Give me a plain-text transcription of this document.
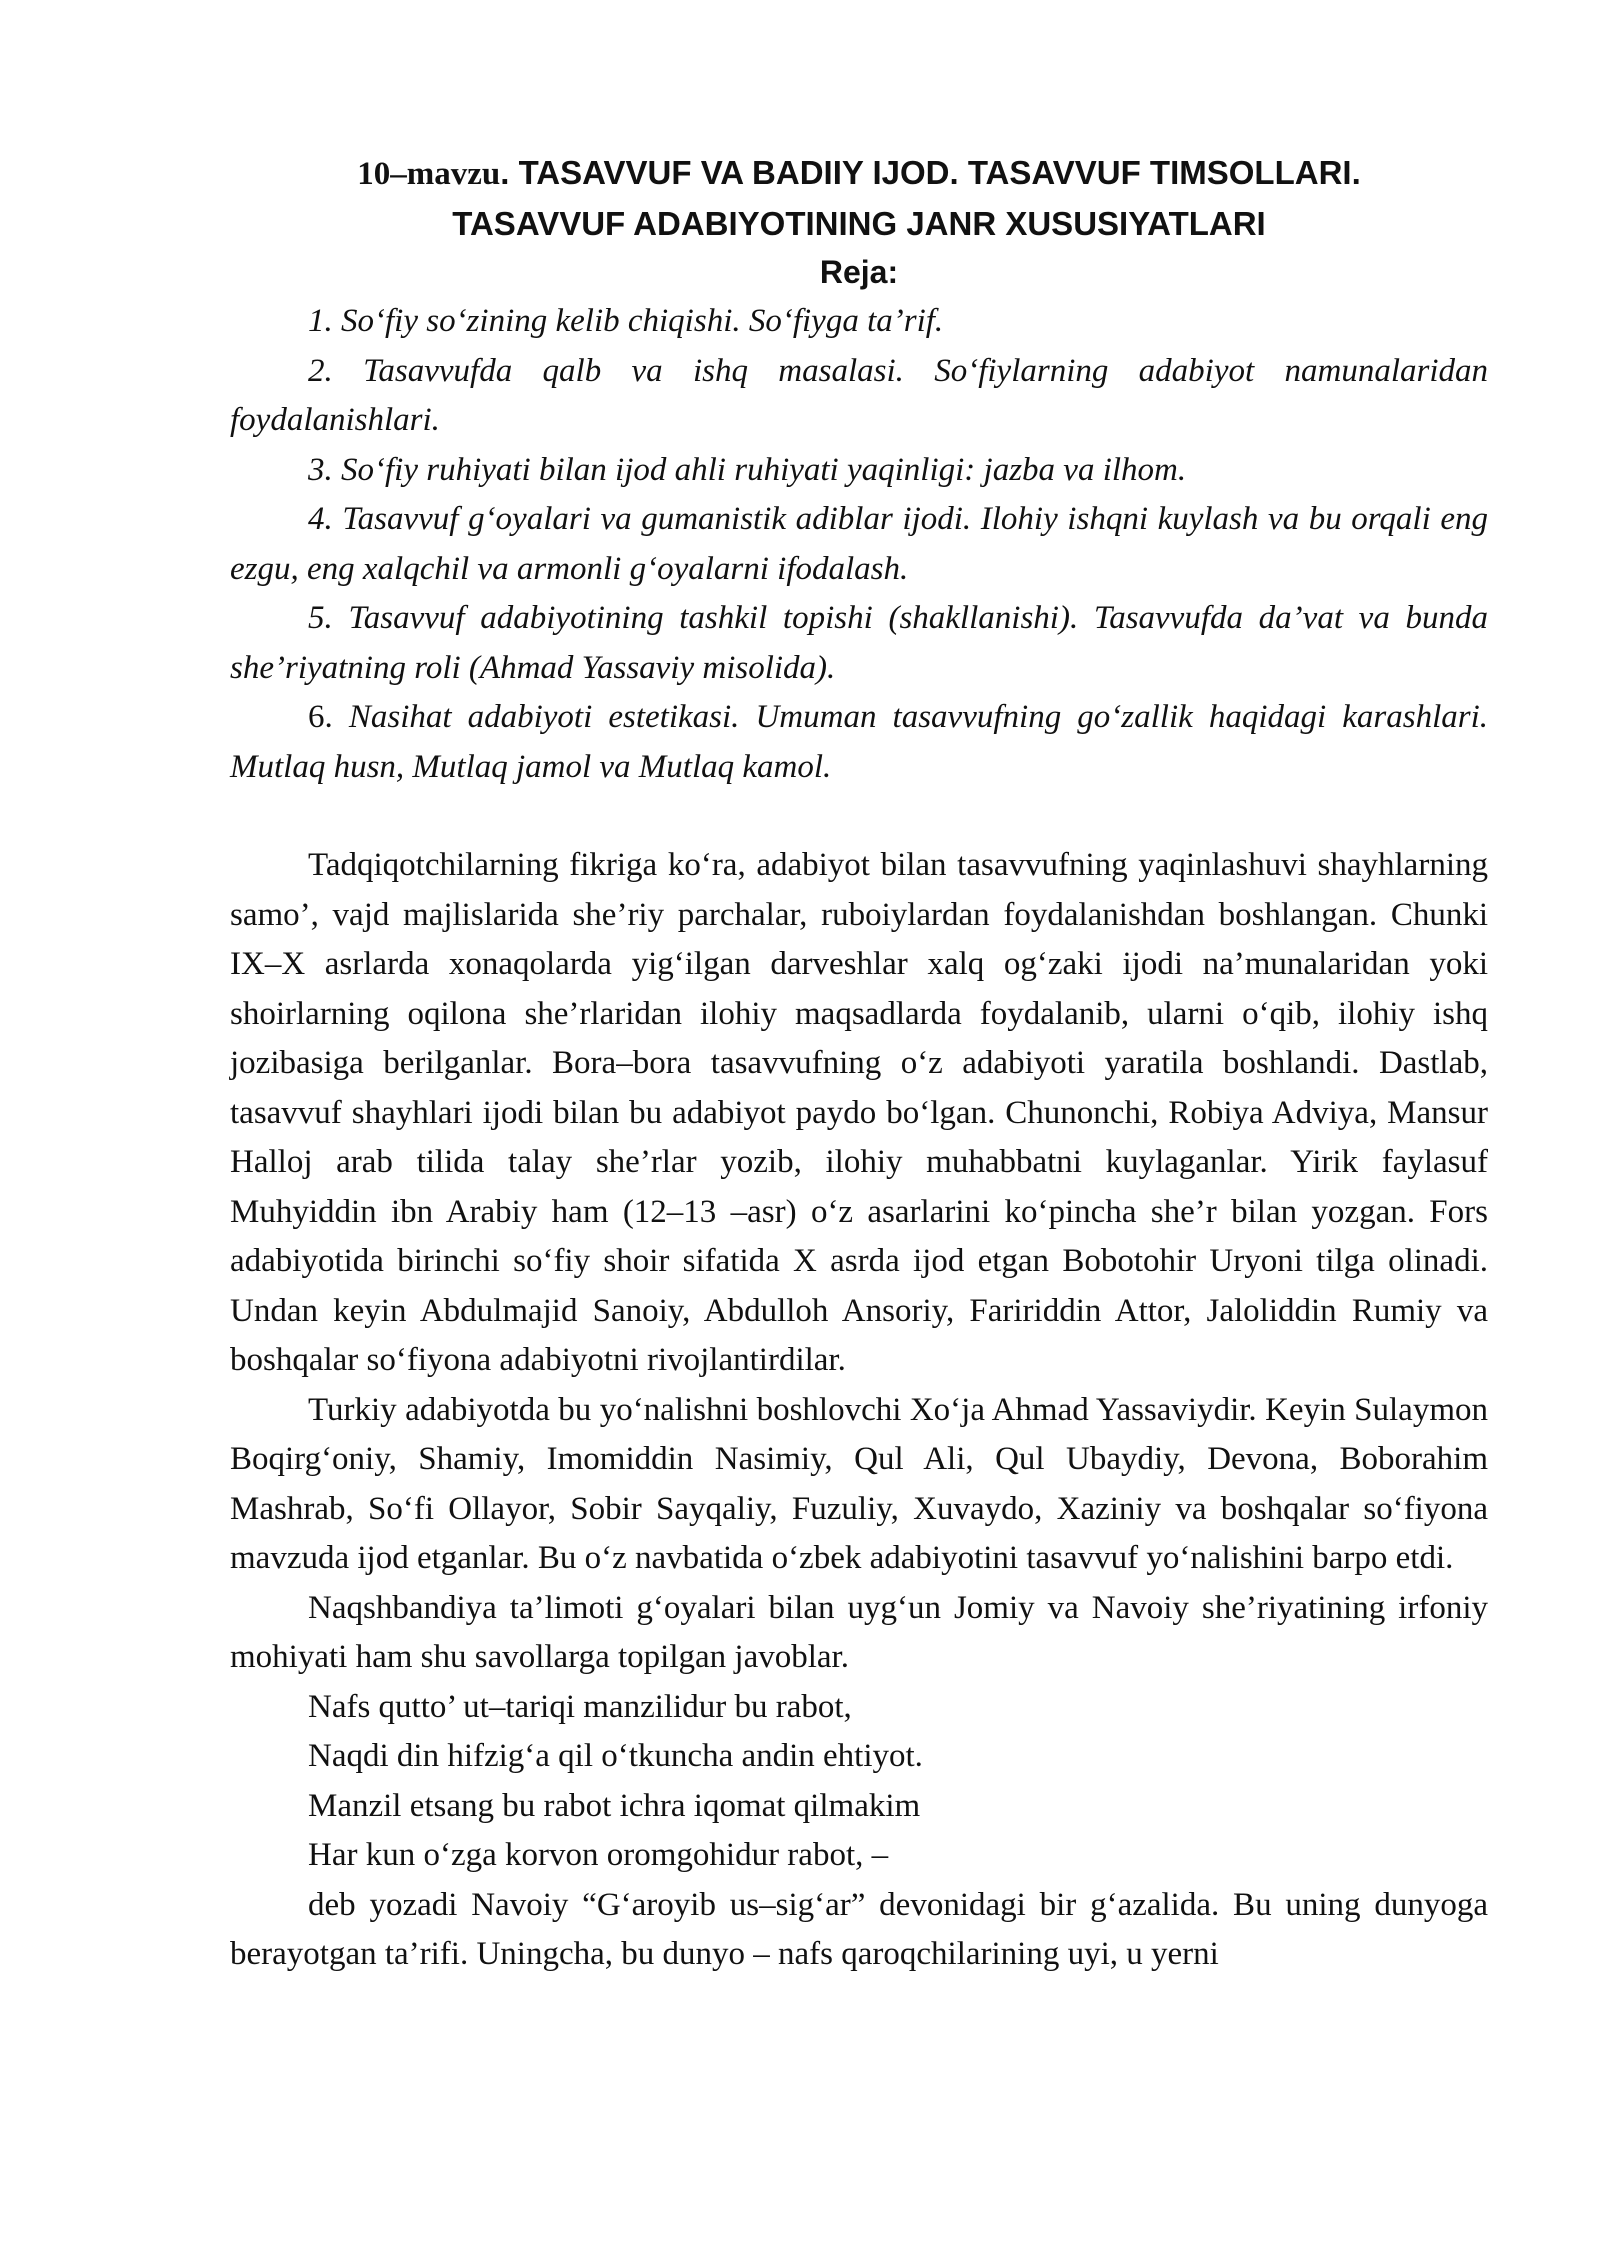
10–mavzu. TASAVVUF VA BADIIY IJOD. TASAVVUF TIMSOLLARI.
TASAVVUF ADABIYOTINING JANR XUSUSIYATLARI
Reja:

1. So‘fiy so‘zining kelib chiqishi. So‘fiyga ta’rif.

2. Tasavvufda qalb va ishq masalasi. So‘fiylarning adabiyot namunalaridan foydalanishlari.

3. So‘fiy ruhiyati bilan ijod ahli ruhiyati yaqinligi: jazba va ilhom.

4. Tasavvuf g‘oyalari va gumanistik adiblar ijodi. Ilohiy ishqni kuylash va bu orqali eng ezgu, eng xalqchil va armonli g‘oyalarni ifodalash.

5. Tasavvuf adabiyotining tashkil topishi (shakllanishi). Tasavvufda da’vat va bunda she’riyatning roli (Ahmad Yassaviy misolida).

6. Nasihat adabiyoti estetikasi. Umuman tasavvufning go‘zallik haqidagi karashlari. Mutlaq husn, Mutlaq jamol va Mutlaq kamol.

Tadqiqotchilarning fikriga ko‘ra, adabiyot bilan tasavvufning yaqinlashuvi shayhlarning samo’, vajd majlislarida she’riy parchalar, ruboiylardan foydalanishdan boshlangan. Chunki IX–X asrlarda xonaqolarda yig‘ilgan darveshlar xalq og‘zaki ijodi na’munalaridan yoki shoirlarning oqilona she’rlaridan ilohiy maqsadlarda foydalanib, ularni o‘qib, ilohiy ishq jozibasiga berilganlar. Bora–bora tasavvufning o‘z adabiyoti yaratila boshlandi. Dastlab, tasavvuf shayhlari ijodi bilan bu adabiyot paydo bo‘lgan. Chunonchi, Robiya Adviya, Mansur Halloj arab tilida talay she’rlar yozib, ilohiy muhabbatni kuylaganlar. Yirik faylasuf Muhyiddin ibn Arabiy ham (12–13 –asr) o‘z asarlarini ko‘pincha she’r bilan yozgan. Fors adabiyotida birinchi so‘fiy shoir sifatida X asrda ijod etgan Bobotohir Uryoni tilga olinadi. Undan keyin Abdulmajid Sanoiy, Abdulloh Ansoriy, Faririddin Attor, Jaloliddin Rumiy va boshqalar so‘fiyona adabiyotni rivojlantirdilar.

Turkiy adabiyotda bu yo‘nalishni boshlovchi Xo‘ja Ahmad Yassaviydir. Keyin Sulaymon Boqirg‘oniy, Shamiy, Imomiddin Nasimiy, Qul Ali, Qul Ubaydiy, Devona, Boborahim Mashrab, So‘fi Ollayor, Sobir Sayqaliy, Fuzuliy, Xuvaydo, Xaziniy va boshqalar so‘fiyona mavzuda ijod etganlar. Bu o‘z navbatida o‘zbek adabiyotini tasavvuf yo‘nalishini barpo etdi.

Naqshbandiya ta’limoti g‘oyalari bilan uyg‘un Jomiy va Navoiy she’riyatining irfoniy mohiyati ham shu savollarga topilgan javoblar.

Nafs qutto’ ut–tariqi manzilidur bu rabot,

Naqdi din hifzig‘a qil o‘tkuncha andin ehtiyot.

Manzil etsang bu rabot ichra iqomat qilmakim

Har kun o‘zga korvon oromgohidur rabot, –

deb yozadi Navoiy “G‘aroyib us–sig‘ar” devonidagi bir g‘azalida. Bu uning dunyoga berayotgan ta’rifi. Uningcha, bu dunyo – nafs qaroqchilarining uyi, u yerni
